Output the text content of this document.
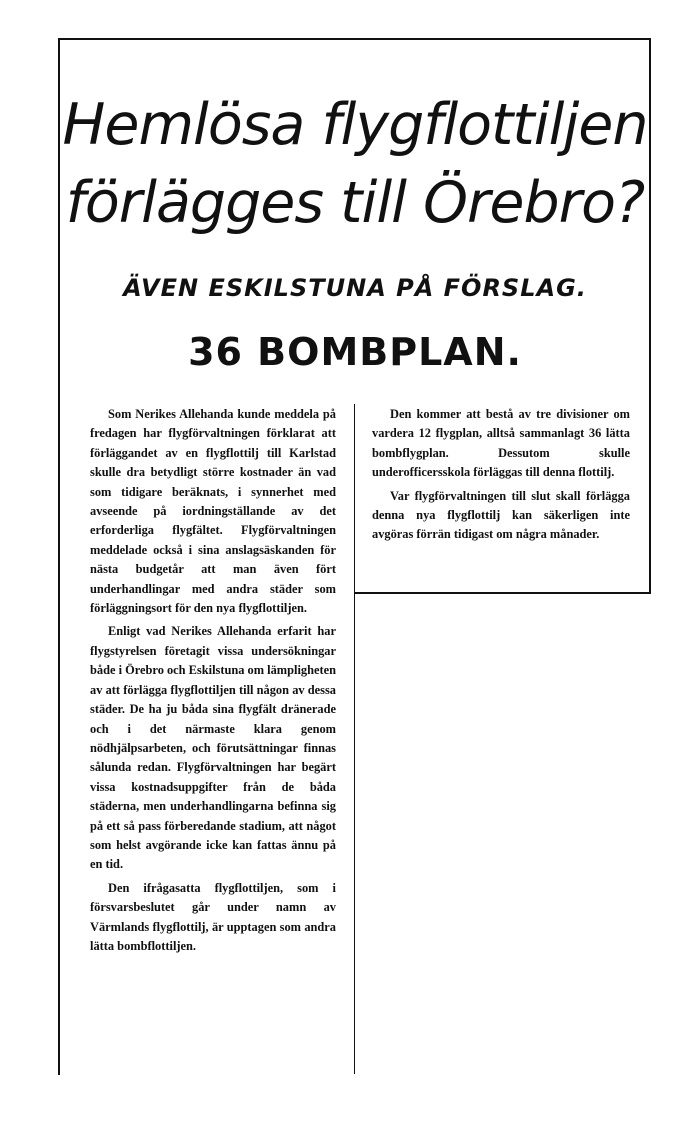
Hemlösa flygflottiljen
förlägges till Örebro?
ÄVEN ESKILSTUNA PÅ FÖRSLAG.
36 BOMBPLAN.

Som Nerikes Allehanda kunde meddela på fredagen har flygförvaltningen förklarat att förläggandet av en flygflottilj till Karlstad skulle dra betydligt större kostnader än vad som tidigare beräknats, i synnerhet med avseende på iordningställande av det erforderliga flygfältet. Flygförvaltningen meddelade också i sina anslagsäskanden för nästa budgetår att man även fört underhandlingar med andra städer som förläggningsort för den nya flygflottiljen.

Enligt vad Nerikes Allehanda erfarit har flygstyrelsen företagit vissa undersökningar både i Örebro och Eskilstuna om lämpligheten av att förlägga flygflottiljen till någon av dessa städer. De ha ju båda sina flygfält dränerade och i det närmaste klara genom nödhjälpsarbeten, och förutsättningar finnas sålunda redan. Flygförvaltningen har begärt vissa kostnadsuppgifter från de båda städerna, men underhandlingarna befinna sig på ett så pass förberedande stadium, att något som helst avgörande icke kan fattas ännu på en tid.

Den ifrågasatta flygflottiljen, som i försvarsbeslutet går under namn av Värmlands flygflottilj, är upptagen som andra lätta bombflottiljen.

Den kommer att bestå av tre divisioner om vardera 12 flygplan, alltså sammanlagt 36 lätta bombflygplan. Dessutom skulle underofficersskola förläggas till denna flottilj.

Var flygförvaltningen till slut skall förlägga denna nya flygflottilj kan säkerligen inte avgöras förrän tidigast om några månader.
